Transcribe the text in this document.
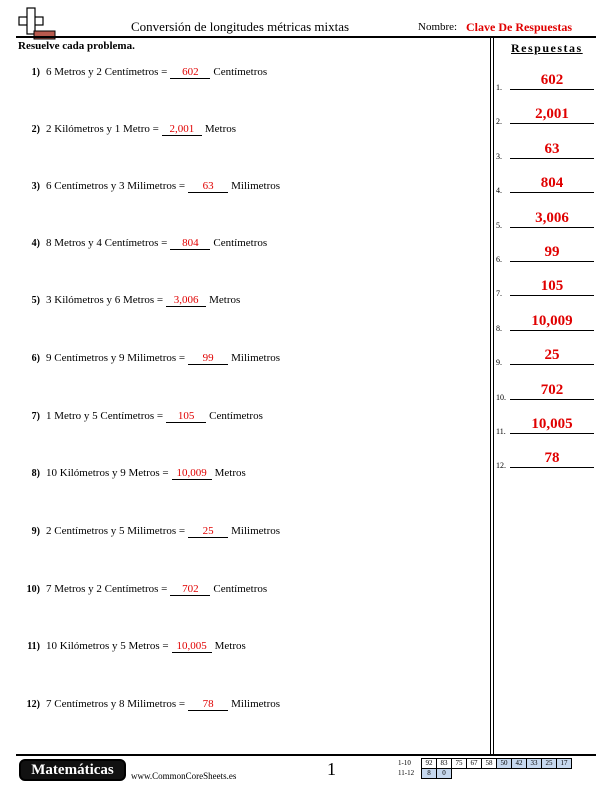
Conversión de longitudes métricas mixtas	Nombre: Clave De Respuestas
Resuelve cada problema.
1) 6 Metros y 2 Centímetros =	602	Centímetros
2) 2 Kilómetros y 1 Metro = 2,001 Metros
3) 6 Centímetros y 3 Milimetros =	63	Milimetros
4) 8 Metros y 4 Centímetros =	804	Centímetros
5) 3 Kilómetros y 6 Metros = 3,006 Metros
6) 9 Centímetros y 9 Milimetros =	99	Milimetros
7) 1 Metro y 5 Centímetros =	105	Centímetros
8) 10 Kilómetros y 9 Metros = 10,009 Metros
9) 2 Centímetros y 5 Milimetros =	25	Milimetros
10) 7 Metros y 2 Centímetros =	702	Centímetros
11) 10 Kilómetros y 5 Metros = 10,005 Metros
12) 7 Centímetros y 8 Milimetros =	78	Milimetros
Respuestas
1.	602
2.	2,001
3.	63
4.	804
5.	3,006
6.	99
7.	105
8.	10,009
9.	25
10.	702
11.	10,005
12.	78
Matemáticas	www.CommonCoreSheets.es	1	1-10	92	83	75	67	58	50	42	33	25	17
11-12	8	0
